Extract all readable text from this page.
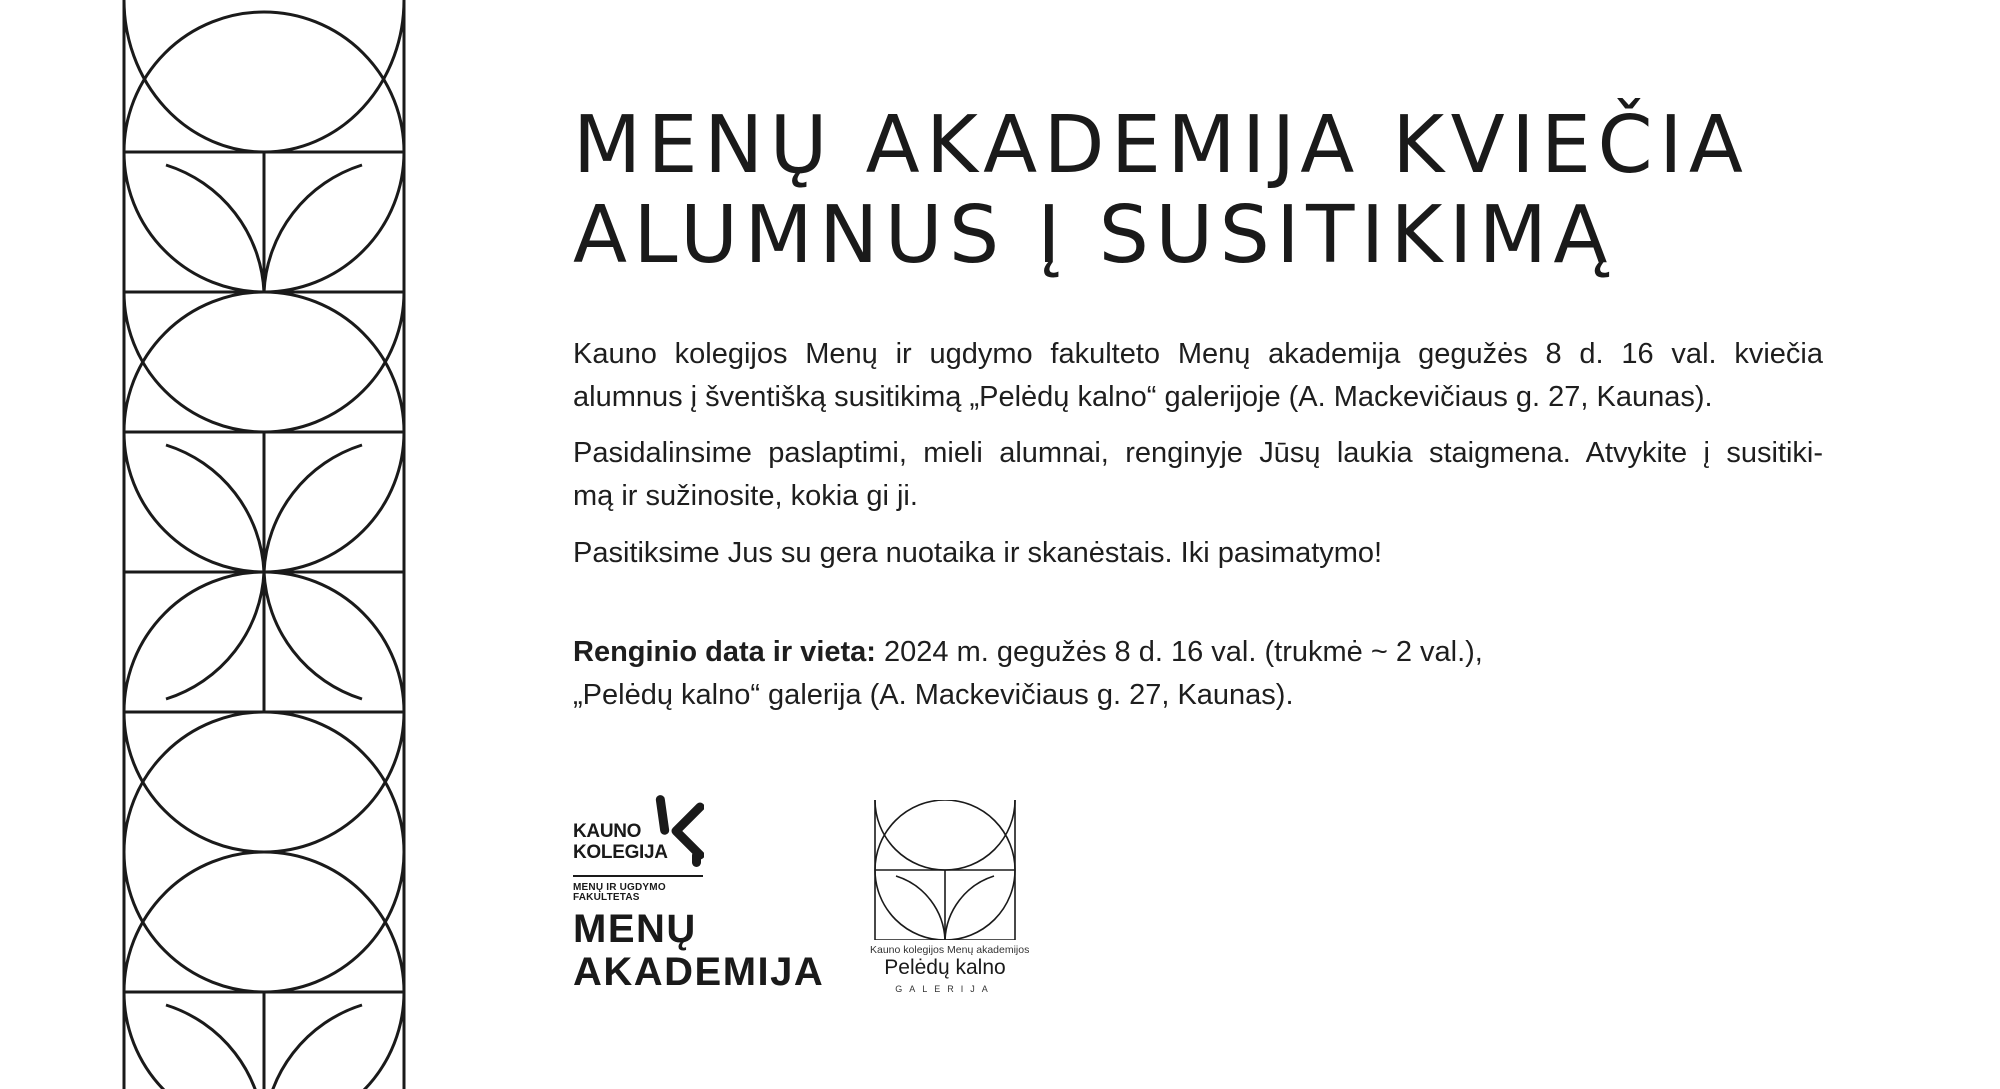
MENŲ AKADEMIJA KVIEČIA
ALUMNUS Į SUSITIKIMĄ

Kauno kolegijos Menų ir ugdymo fakulteto Menų akademija gegužės 8 d. 16 val. kviečia
alumnus į šventišką susitikimą „Pelėdų kalno“ galerijoje (A. Mackevičiaus g. 27, Kaunas).

Pasidalinsime paslaptimi, mieli alumnai, renginyje Jūsų laukia staigmena. Atvykite į susitiki-
mą ir sužinosite, kokia gi ji.

Pasitiksime Jus su gera nuotaika ir skanėstais. Iki pasimatymo!

Renginio data ir vieta: 2024 m. gegužės 8 d. 16 val. (trukmė ~ 2 val.),
„Pelėdų kalno“ galerija (A. Mackevičiaus g. 27, Kaunas).

KAUNO
KOLEGIJA
MENŲ IR UGDYMO
FAKULTETAS
MENŲ
AKADEMIJA	Kauno kolegijos Menų akademijos
Pelėdų kalno
GALERIJA
